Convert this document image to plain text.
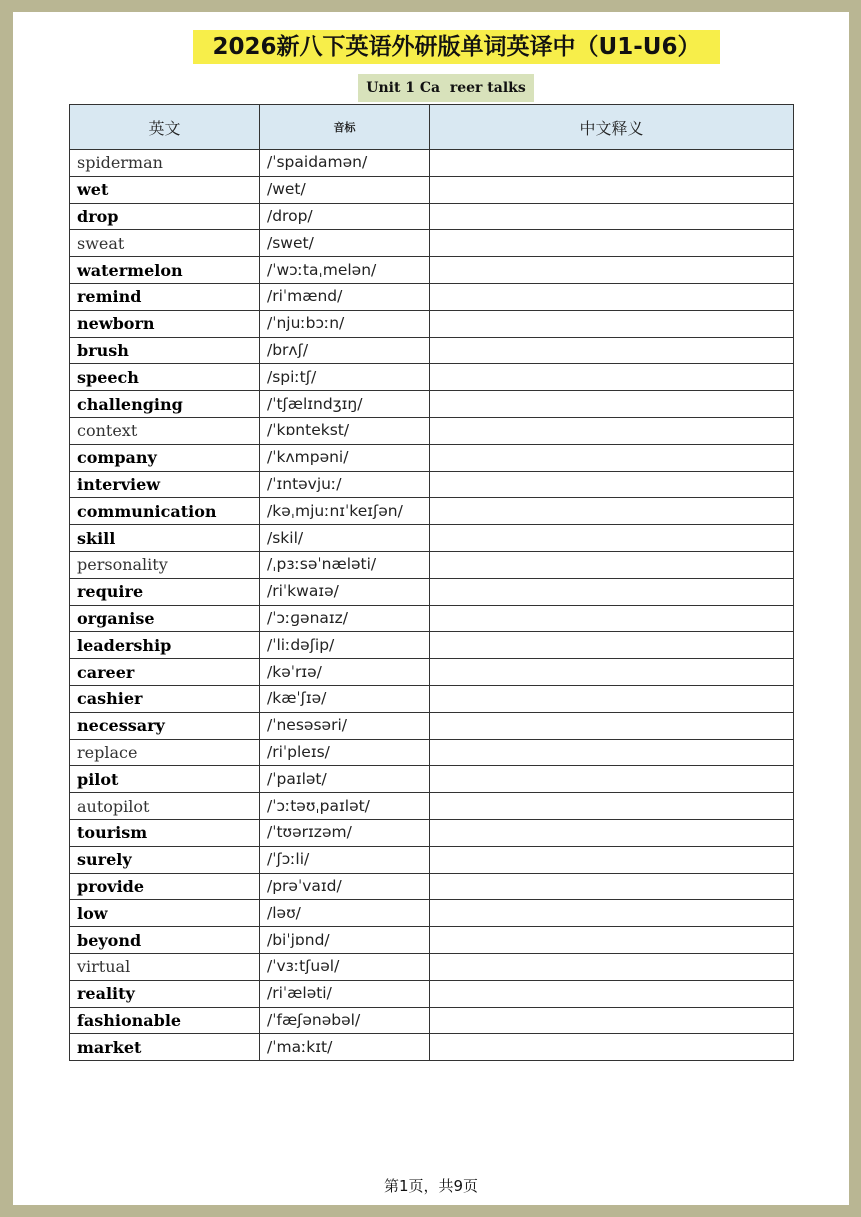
2026新八下英语外研版单词英译中（U1-U6）
Unit 1 Ca  reer talks
英文	音标	中文释义
spiderman	/ˈspaidamən/	
wet	/wet/	
drop	/drop/	
sweat	/swet/	
watermelon	/ˈwɔːtaˌmelən/	
remind	/riˈmænd/	
newborn	/ˈnjuːbɔːn/	
brush	/brʌʃ/	
speech	/spiːtʃ/	
challenging	/ˈtʃælɪndʒɪŋ/	
context	/ˈkɒntekst/	
company	/ˈkʌmpəni/	
interview	/ˈɪntəvjuː/	
communication	/kəˌmjuːnɪˈkeɪʃən/	
skill	/skil/	
personality	/ˌpɜːsəˈnæləti/	
require	/riˈkwaɪə/	
organise	/ˈɔːɡənaɪz/	
leadership	/ˈliːdəʃip/	
career	/kəˈrɪə/	
cashier	/kæˈʃɪə/	
necessary	/ˈnesəsəri/	
replace	/riˈpleɪs/	
pilot	/ˈpaɪlət/	
autopilot	/ˈɔːtəʊˌpaɪlət/	
tourism	/ˈtʊərɪzəm/	
surely	/ˈʃɔːli/	
provide	/prəˈvaɪd/	
low	/ləʊ/	
beyond	/biˈjɒnd/	
virtual	/ˈvɜːtʃuəl/	
reality	/riˈæləti/	
fashionable	/ˈfæʃənəbəl/	
market	/ˈmaːkɪt/	
第1页，共9页
